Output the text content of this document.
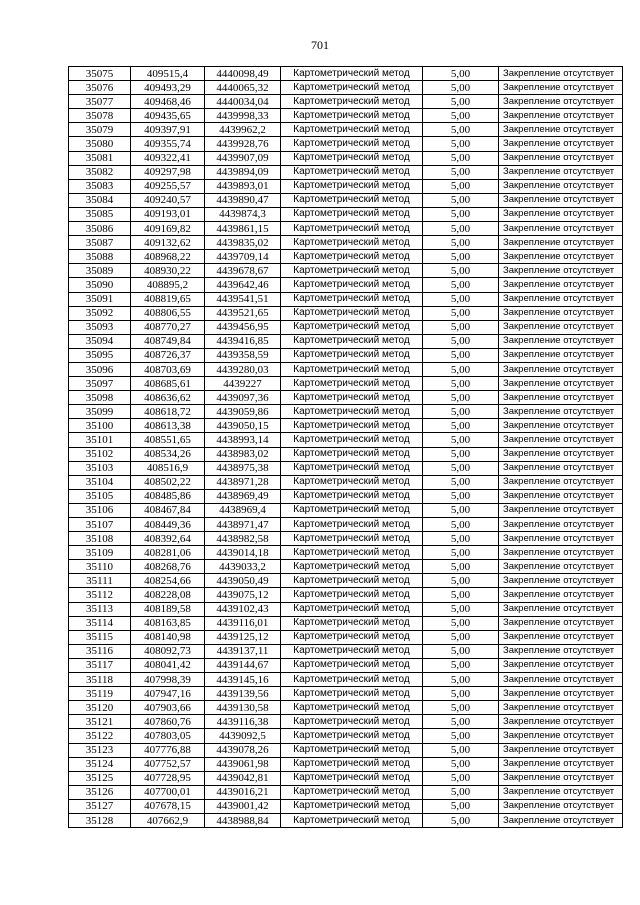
701
35075	409515,4	4440098,49	Картометрический метод	5,00	Закрепление отсутствует
35076	409493,29	4440065,32	Картометрический метод	5,00	Закрепление отсутствует
35077	409468,46	4440034,04	Картометрический метод	5,00	Закрепление отсутствует
35078	409435,65	4439998,33	Картометрический метод	5,00	Закрепление отсутствует
35079	409397,91	4439962,2	Картометрический метод	5,00	Закрепление отсутствует
35080	409355,74	4439928,76	Картометрический метод	5,00	Закрепление отсутствует
35081	409322,41	4439907,09	Картометрический метод	5,00	Закрепление отсутствует
35082	409297,98	4439894,09	Картометрический метод	5,00	Закрепление отсутствует
35083	409255,57	4439893,01	Картометрический метод	5,00	Закрепление отсутствует
35084	409240,57	4439890,47	Картометрический метод	5,00	Закрепление отсутствует
35085	409193,01	4439874,3	Картометрический метод	5,00	Закрепление отсутствует
35086	409169,82	4439861,15	Картометрический метод	5,00	Закрепление отсутствует
35087	409132,62	4439835,02	Картометрический метод	5,00	Закрепление отсутствует
35088	408968,22	4439709,14	Картометрический метод	5,00	Закрепление отсутствует
35089	408930,22	4439678,67	Картометрический метод	5,00	Закрепление отсутствует
35090	408895,2	4439642,46	Картометрический метод	5,00	Закрепление отсутствует
35091	408819,65	4439541,51	Картометрический метод	5,00	Закрепление отсутствует
35092	408806,55	4439521,65	Картометрический метод	5,00	Закрепление отсутствует
35093	408770,27	4439456,95	Картометрический метод	5,00	Закрепление отсутствует
35094	408749,84	4439416,85	Картометрический метод	5,00	Закрепление отсутствует
35095	408726,37	4439358,59	Картометрический метод	5,00	Закрепление отсутствует
35096	408703,69	4439280,03	Картометрический метод	5,00	Закрепление отсутствует
35097	408685,61	4439227	Картометрический метод	5,00	Закрепление отсутствует
35098	408636,62	4439097,36	Картометрический метод	5,00	Закрепление отсутствует
35099	408618,72	4439059,86	Картометрический метод	5,00	Закрепление отсутствует
35100	408613,38	4439050,15	Картометрический метод	5,00	Закрепление отсутствует
35101	408551,65	4438993,14	Картометрический метод	5,00	Закрепление отсутствует
35102	408534,26	4438983,02	Картометрический метод	5,00	Закрепление отсутствует
35103	408516,9	4438975,38	Картометрический метод	5,00	Закрепление отсутствует
35104	408502,22	4438971,28	Картометрический метод	5,00	Закрепление отсутствует
35105	408485,86	4438969,49	Картометрический метод	5,00	Закрепление отсутствует
35106	408467,84	4438969,4	Картометрический метод	5,00	Закрепление отсутствует
35107	408449,36	4438971,47	Картометрический метод	5,00	Закрепление отсутствует
35108	408392,64	4438982,58	Картометрический метод	5,00	Закрепление отсутствует
35109	408281,06	4439014,18	Картометрический метод	5,00	Закрепление отсутствует
35110	408268,76	4439033,2	Картометрический метод	5,00	Закрепление отсутствует
35111	408254,66	4439050,49	Картометрический метод	5,00	Закрепление отсутствует
35112	408228,08	4439075,12	Картометрический метод	5,00	Закрепление отсутствует
35113	408189,58	4439102,43	Картометрический метод	5,00	Закрепление отсутствует
35114	408163,85	4439116,01	Картометрический метод	5,00	Закрепление отсутствует
35115	408140,98	4439125,12	Картометрический метод	5,00	Закрепление отсутствует
35116	408092,73	4439137,11	Картометрический метод	5,00	Закрепление отсутствует
35117	408041,42	4439144,67	Картометрический метод	5,00	Закрепление отсутствует
35118	407998,39	4439145,16	Картометрический метод	5,00	Закрепление отсутствует
35119	407947,16	4439139,56	Картометрический метод	5,00	Закрепление отсутствует
35120	407903,66	4439130,58	Картометрический метод	5,00	Закрепление отсутствует
35121	407860,76	4439116,38	Картометрический метод	5,00	Закрепление отсутствует
35122	407803,05	4439092,5	Картометрический метод	5,00	Закрепление отсутствует
35123	407776,88	4439078,26	Картометрический метод	5,00	Закрепление отсутствует
35124	407752,57	4439061,98	Картометрический метод	5,00	Закрепление отсутствует
35125	407728,95	4439042,81	Картометрический метод	5,00	Закрепление отсутствует
35126	407700,01	4439016,21	Картометрический метод	5,00	Закрепление отсутствует
35127	407678,15	4439001,42	Картометрический метод	5,00	Закрепление отсутствует
35128	407662,9	4438988,84	Картометрический метод	5,00	Закрепление отсутствует
